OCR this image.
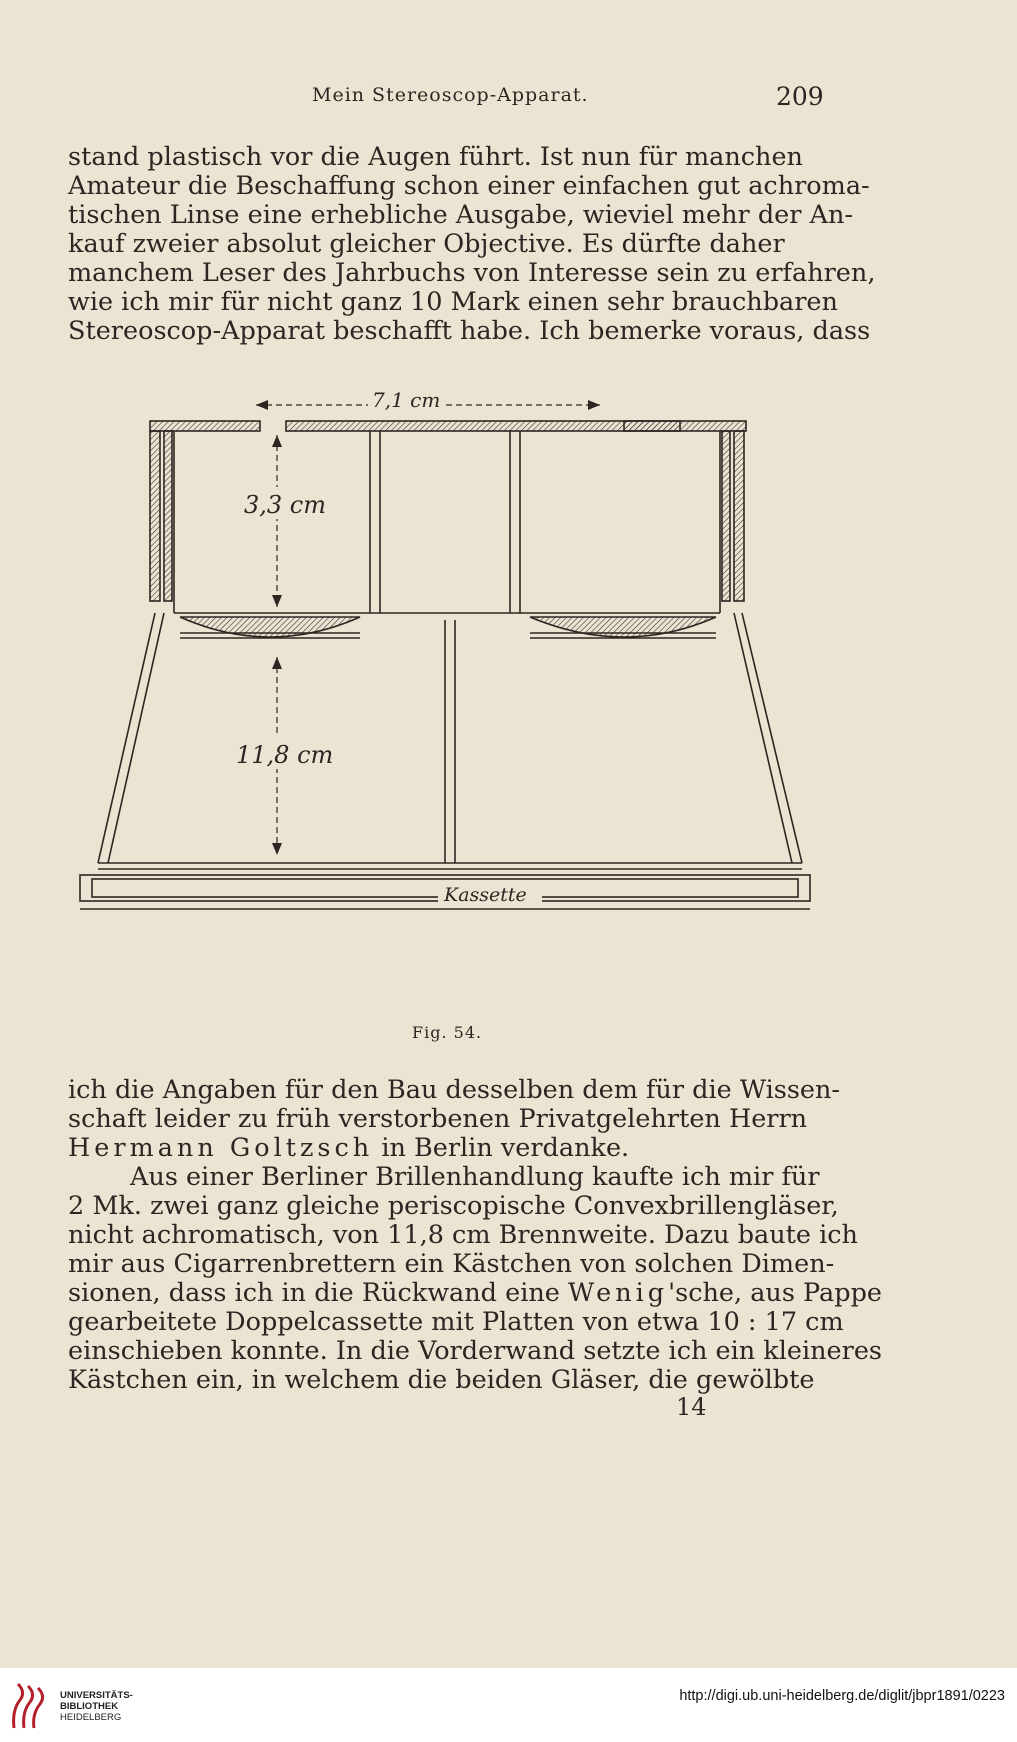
Mein Stereoscop-Apparat.	209
stand plastisch vor die Augen führt. Ist nun für manchen
Amateur die Beschaffung schon einer einfachen gut achroma-
tischen Linse eine erhebliche Ausgabe, wieviel mehr der An-
kauf zweier absolut gleicher Objective. Es dürfte daher
manchem Leser des Jahrbuchs von Interesse sein zu erfahren,
wie ich mir für nicht ganz 10 Mark einen sehr brauchbaren
Stereoscop-Apparat beschafft habe. Ich bemerke voraus, dass
7,1 cm
3,3 cm
11,8 cm
Kassette
Fig. 54.
ich die Angaben für den Bau desselben dem für die Wissen-
schaft leider zu früh verstorbenen Privatgelehrten Herrn
Hermann Goltzsch in Berlin verdanke.
Aus einer Berliner Brillenhandlung kaufte ich mir für
2 Mk. zwei ganz gleiche periscopische Convexbrillengläser,
nicht achromatisch, von 11,8 cm Brennweite. Dazu baute ich
mir aus Cigarrenbrettern ein Kästchen von solchen Dimen-
sionen, dass ich in die Rückwand eine Wenig'sche, aus Pappe
gearbeitete Doppelcassette mit Platten von etwa 10 : 17 cm
einschieben konnte. In die Vorderwand setzte ich ein kleineres
Kästchen ein, in welchem die beiden Gläser, die gewölbte
14
UNIVERSITÄTS-
BIBLIOTHEK
HEIDELBERG
http://digi.ub.uni-heidelberg.de/diglit/jbpr1891/0223
